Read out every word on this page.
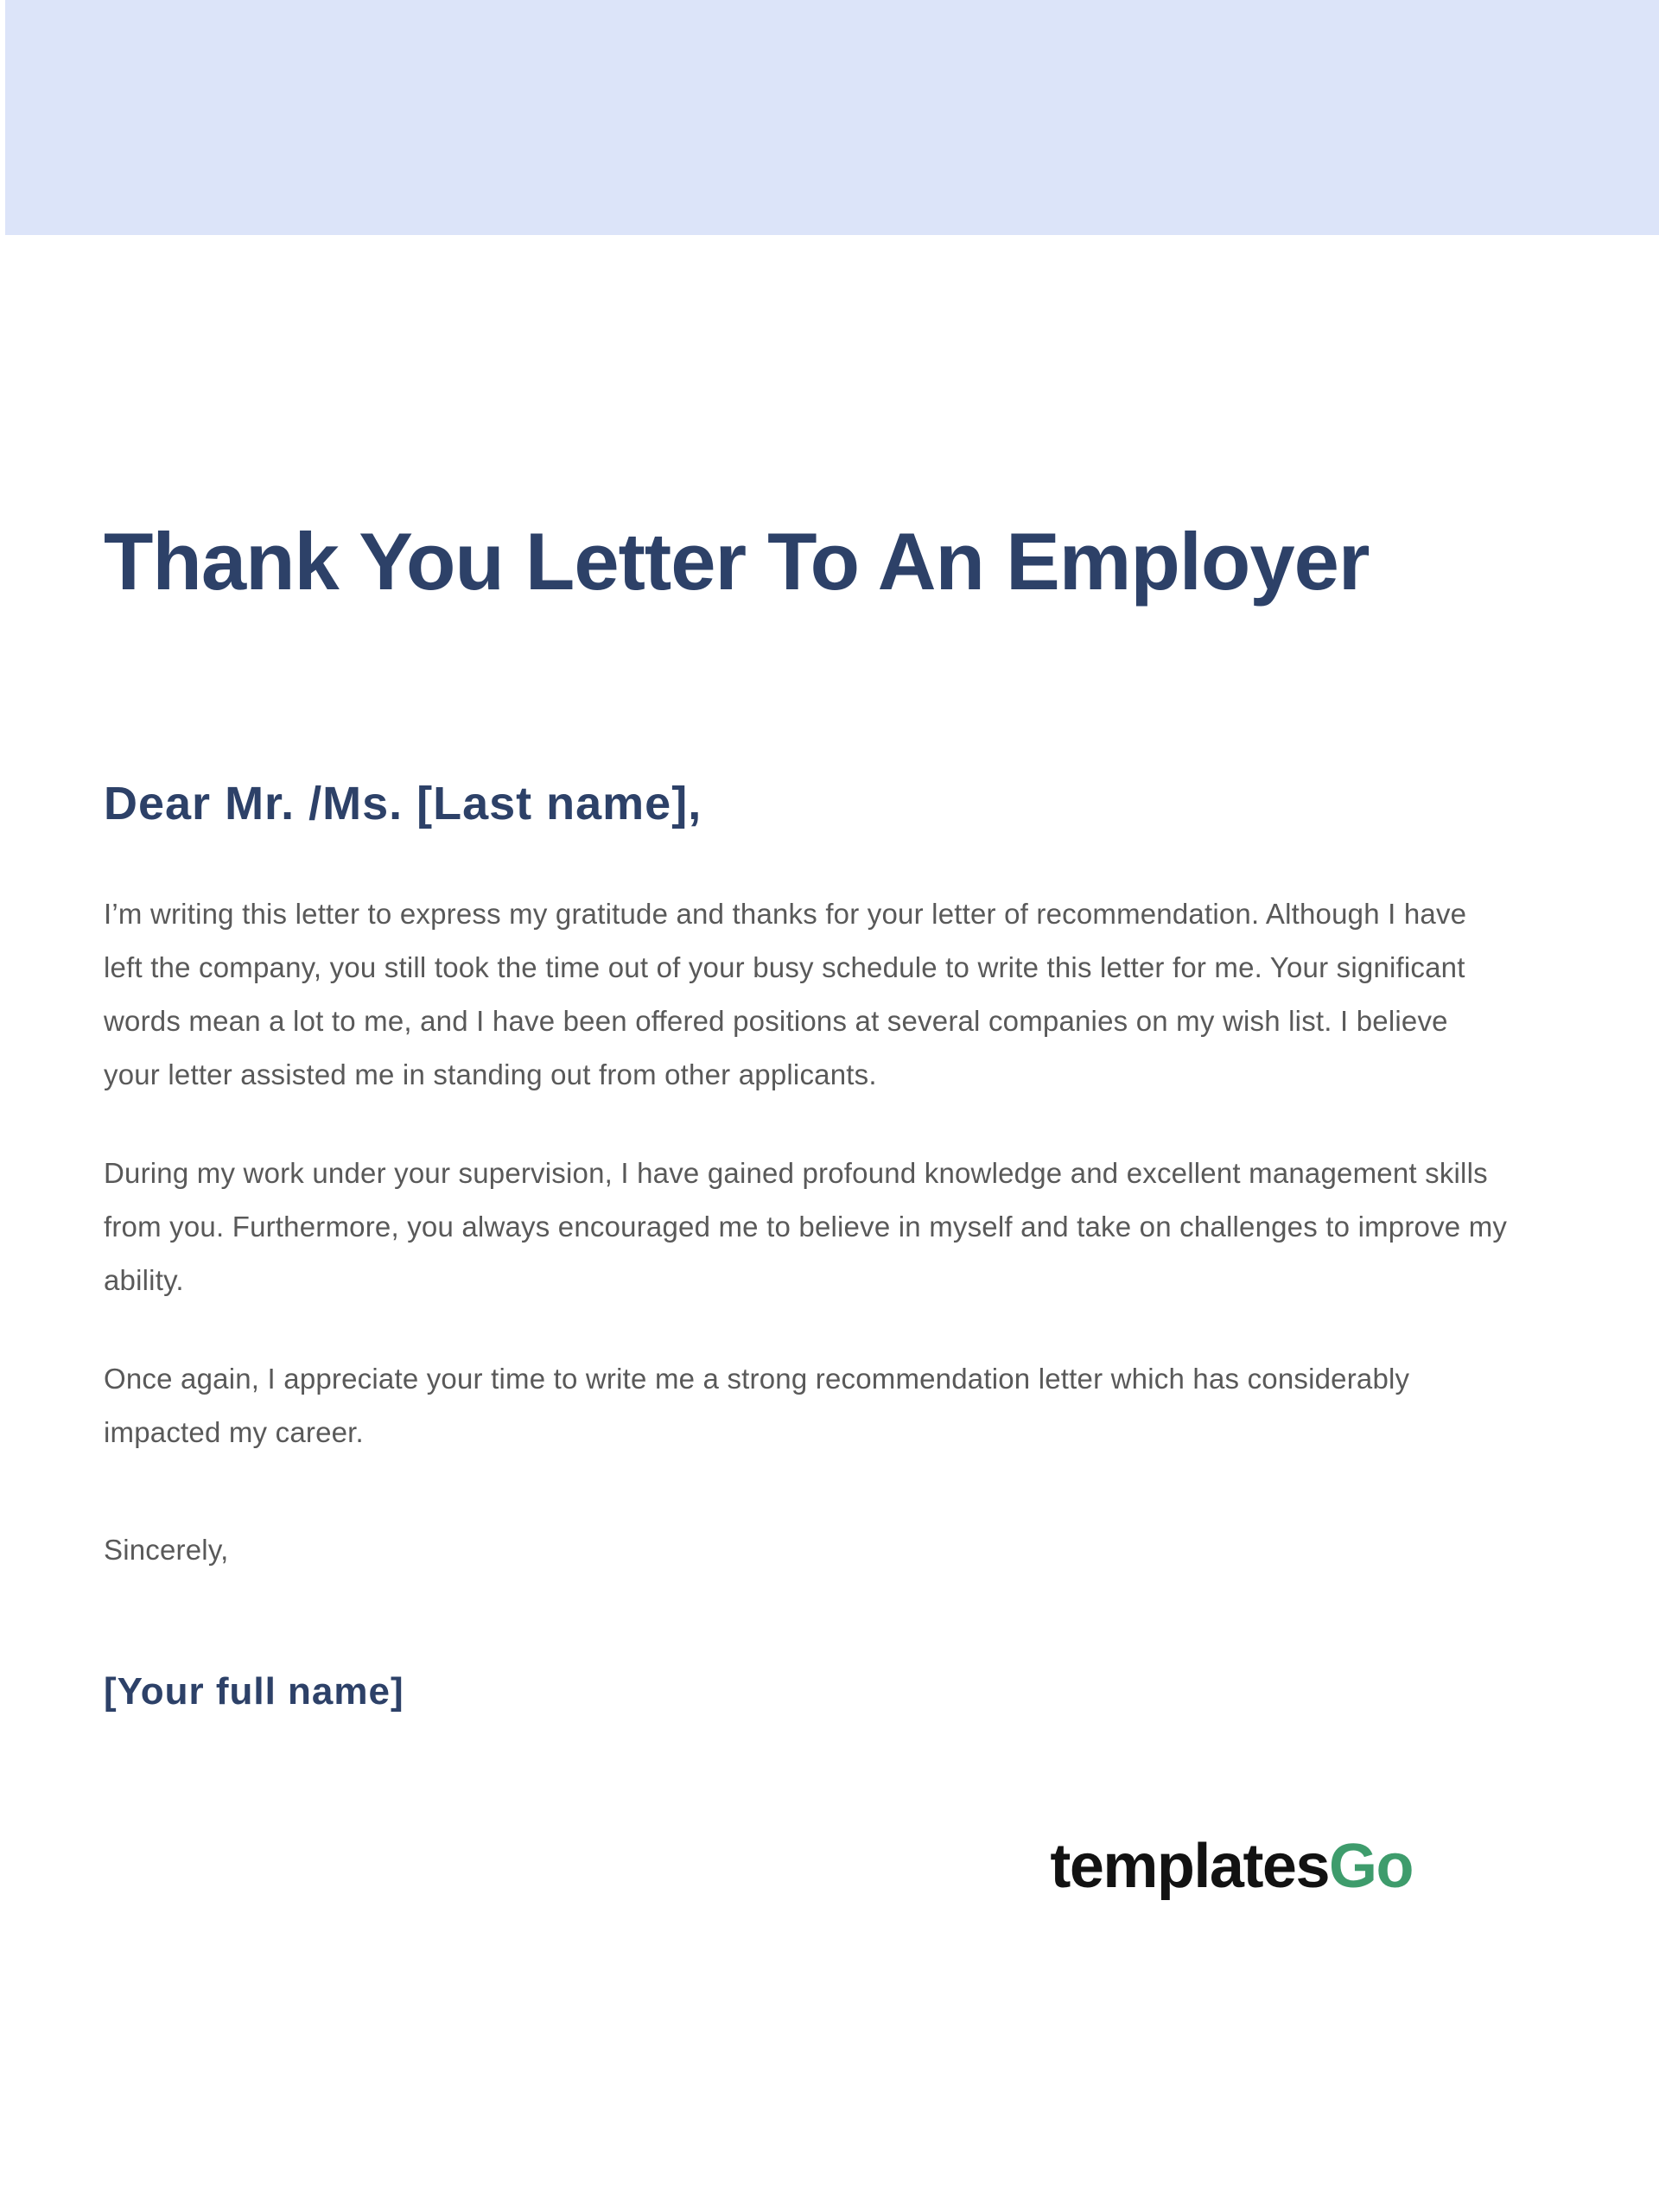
Thank You Letter To An Employer
Dear Mr. /Ms. [Last name],

I’m writing this letter to express my gratitude and thanks for your letter of recommendation. Although I have left the company, you still took the time out of your busy schedule to write this letter for me. Your significant words mean a lot to me, and I have been offered positions at several companies on my wish list. I believe your letter assisted me in standing out from other applicants.

During my work under your supervision, I have gained profound knowledge and excellent management skills from you. Furthermore, you always encouraged me to believe in myself and take on challenges to improve my ability.

Once again, I appreciate your time to write me a strong recommendation letter which has considerably impacted my career.

Sincerely,

[Your full name]
templatesGo
